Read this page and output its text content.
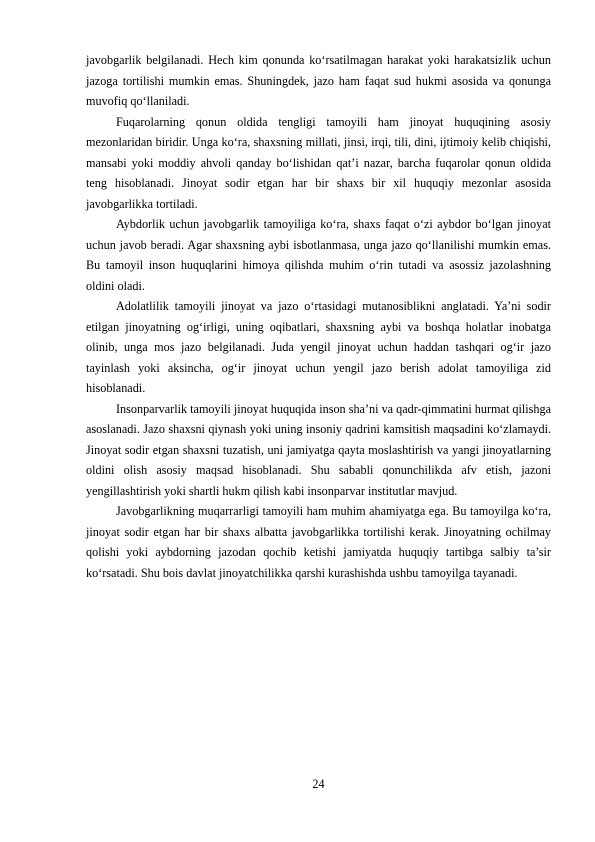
javobgarlik belgilanadi. Hech kim qonunda ko‘rsatilmagan harakat yoki harakatsizlik uchun jazoga tortilishi mumkin emas. Shuningdek, jazo ham faqat sud hukmi asosida va qonunga muvofiq qo‘llaniladi.

Fuqarolarning qonun oldida tengligi tamoyili ham jinoyat huquqining asosiy mezonlaridan biridir. Unga ko‘ra, shaxsning millati, jinsi, irqi, tili, dini, ijtimoiy kelib chiqishi, mansabi yoki moddiy ahvoli qanday bo‘lishidan qat’i nazar, barcha fuqarolar qonun oldida teng hisoblanadi. Jinoyat sodir etgan har bir shaxs bir xil huquqiy mezonlar asosida javobgarlikka tortiladi.

Aybdorlik uchun javobgarlik tamoyiliga ko‘ra, shaxs faqat o‘zi aybdor bo‘lgan jinoyat uchun javob beradi. Agar shaxsning aybi isbotlanmasa, unga jazo qo‘llanilishi mumkin emas. Bu tamoyil inson huquqlarini himoya qilishda muhim o‘rin tutadi va asossiz jazolashning oldini oladi.

Adolatlilik tamoyili jinoyat va jazo o‘rtasidagi mutanosiblikni anglatadi. Ya’ni sodir etilgan jinoyatning og‘irligi, uning oqibatlari, shaxsning aybi va boshqa holatlar inobatga olinib, unga mos jazo belgilanadi. Juda yengil jinoyat uchun haddan tashqari og‘ir jazo tayinlash yoki aksincha, og‘ir jinoyat uchun yengil jazo berish adolat tamoyiliga zid hisoblanadi.

Insonparvarlik tamoyili jinoyat huquqida inson sha’ni va qadr-qimmatini hurmat qilishga asoslanadi. Jazo shaxsni qiynash yoki uning insoniy qadrini kamsitish maqsadini ko‘zlamaydi. Jinoyat sodir etgan shaxsni tuzatish, uni jamiyatga qayta moslashtirish va yangi jinoyatlarning oldini olish asosiy maqsad hisoblanadi. Shu sababli qonunchilikda afv etish, jazoni yengillashtirish yoki shartli hukm qilish kabi insonparvar institutlar mavjud.

Javobgarlikning muqarrarligi tamoyili ham muhim ahamiyatga ega. Bu tamoyilga ko‘ra, jinoyat sodir etgan har bir shaxs albatta javobgarlikka tortilishi kerak. Jinoyatning ochilmay qolishi yoki aybdorning jazodan qochib ketishi jamiyatda huquqiy tartibga salbiy ta’sir ko‘rsatadi. Shu bois davlat jinoyatchilikka qarshi kurashishda ushbu tamoyilga tayanadi.

24
